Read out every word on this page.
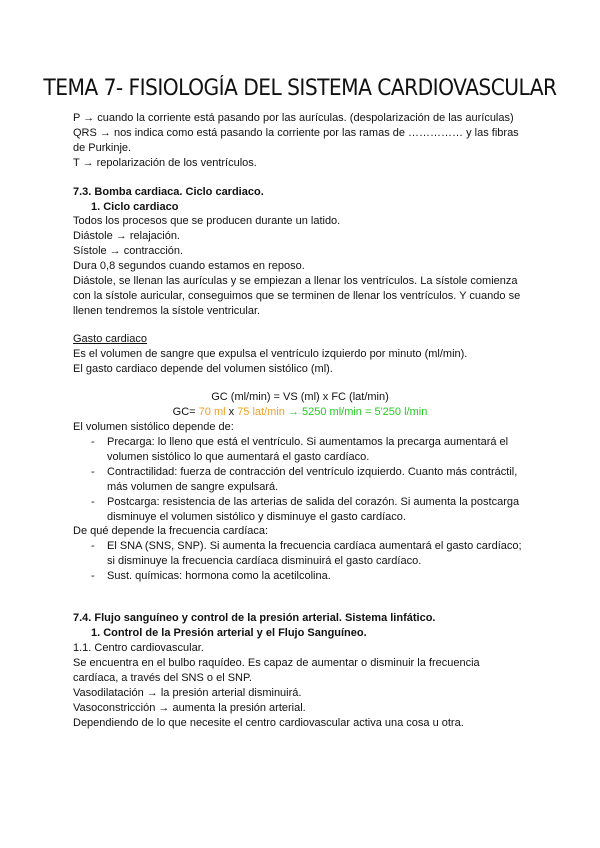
TEMA 7- FISIOLOGÍA DEL SISTEMA CARDIOVASCULAR
P → cuando la corriente está pasando por las aurículas. (despolarización de las aurículas)
QRS → nos indica como está pasando la corriente por las ramas de …………… y las fibras
de Purkinje.
T → repolarización de los ventrículos.
7.3. Bomba cardiaca. Ciclo cardiaco.
1. Ciclo cardiaco
Todos los procesos que se producen durante un latido.
Diástole → relajación.
Sístole → contracción.
Dura 0,8 segundos cuando estamos en reposo.
Diástole, se llenan las aurículas y se empiezan a llenar los ventrículos. La sístole comienza
con la sístole auricular, conseguimos que se terminen de llenar los ventrículos. Y cuando se
llenen tendremos la sístole ventricular.
Gasto cardiaco
Es el volumen de sangre que expulsa el ventrículo izquierdo por minuto (ml/min).
El gasto cardiaco depende del volumen sistólico (ml).
GC (ml/min) = VS (ml) x FC (lat/min)
GC= 70 ml x 75 lat/min → 5250 ml/min = 5'250 l/min
El volumen sistólico depende de:
- Precarga: lo lleno que está el ventrículo. Si aumentamos la precarga aumentará el
volumen sistólico lo que aumentará el gasto cardíaco.
- Contractilidad: fuerza de contracción del ventrículo izquierdo. Cuanto más contráctil,
más volumen de sangre expulsará.
- Postcarga: resistencia de las arterias de salida del corazón. Si aumenta la postcarga
disminuye el volumen sistólico y disminuye el gasto cardíaco.
De qué depende la frecuencia cardíaca:
- El SNA (SNS, SNP). Si aumenta la frecuencia cardíaca aumentará el gasto cardíaco;
si disminuye la frecuencia cardíaca disminuirá el gasto cardíaco.
- Sust. químicas: hormona como la acetilcolina.
7.4. Flujo sanguíneo y control de la presión arterial. Sistema linfático.
1. Control de la Presión arterial y el Flujo Sanguíneo.
1.1. Centro cardiovascular.
Se encuentra en el bulbo raquídeo. Es capaz de aumentar o disminuir la frecuencia
cardíaca, a través del SNS o el SNP.
Vasodilatación → la presión arterial disminuirá.
Vasoconstricción → aumenta la presión arterial.
Dependiendo de lo que necesite el centro cardiovascular activa una cosa u otra.
